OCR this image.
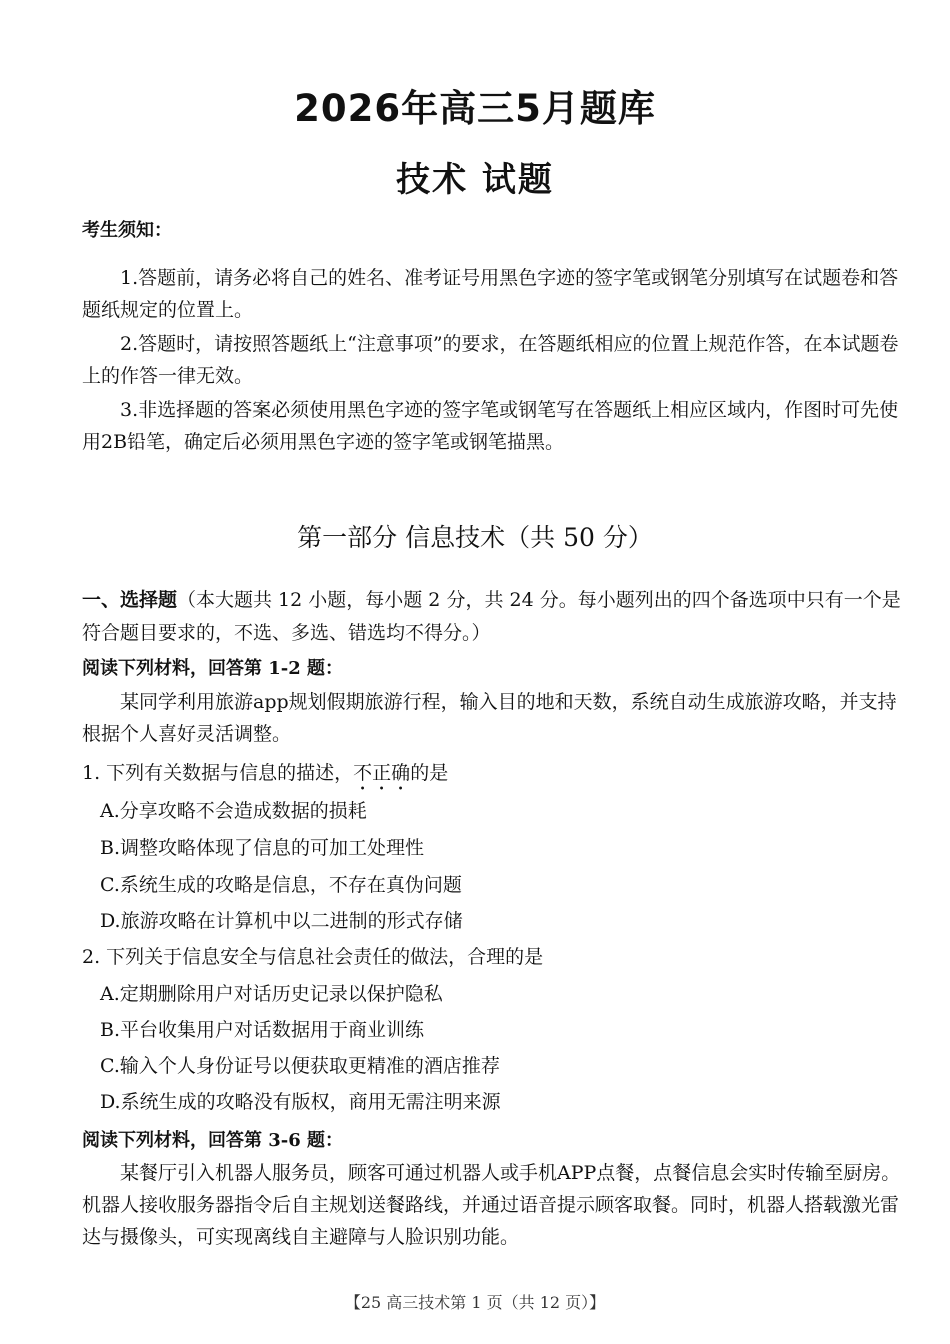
2026年高三5月题库
技术 试题
考生须知：
1.答题前，请务必将自己的姓名、准考证号用黑色字迹的签字笔或钢笔分别填写在试题卷和答题纸规定的位置上。
2.答题时，请按照答题纸上“注意事项”的要求，在答题纸相应的位置上规范作答，在本试题卷上的作答一律无效。
3.非选择题的答案必须使用黑色字迹的签字笔或钢笔写在答题纸上相应区域内，作图时可先使用2B铅笔，确定后必须用黑色字迹的签字笔或钢笔描黑。
第一部分 信息技术（共 50 分）
一、选择题（本大题共 12 小题，每小题 2 分，共 24 分。每小题列出的四个备选项中只有一个是符合题目要求的，不选、多选、错选均不得分。）
阅读下列材料，回答第 1-2 题：
某同学利用旅游app规划假期旅游行程，输入目的地和天数，系统自动生成旅游攻略，并支持根据个人喜好灵活调整。
1. 下列有关数据与信息的描述，不正确的是
A.分享攻略不会造成数据的损耗
B.调整攻略体现了信息的可加工处理性
C.系统生成的攻略是信息，不存在真伪问题
D.旅游攻略在计算机中以二进制的形式存储
2. 下列关于信息安全与信息社会责任的做法，合理的是
A.定期删除用户对话历史记录以保护隐私
B.平台收集用户对话数据用于商业训练
C.输入个人身份证号以便获取更精准的酒店推荐
D.系统生成的攻略没有版权，商用无需注明来源
阅读下列材料，回答第 3-6 题：
某餐厅引入机器人服务员，顾客可通过机器人或手机APP点餐，点餐信息会实时传输至厨房。机器人接收服务器指令后自主规划送餐路线，并通过语音提示顾客取餐。同时，机器人搭载激光雷达与摄像头，可实现离线自主避障与人脸识别功能。
【25 高三技术第 1 页（共 12 页）】
